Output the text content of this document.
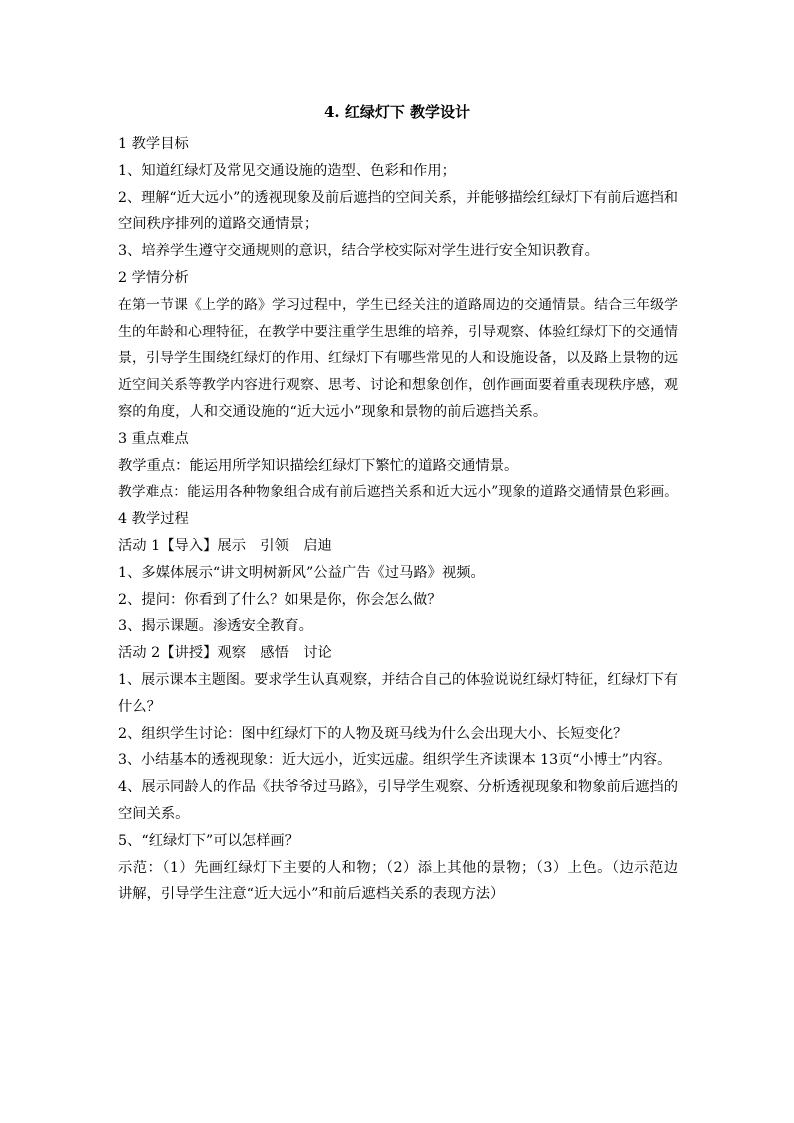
4. 红绿灯下 教学设计
1 教学目标
1、知道红绿灯及常见交通设施的造型、色彩和作用；
2、理解“近大远小”的透视现象及前后遮挡的空间关系，并能够描绘红绿灯下有前后遮挡和
空间秩序排列的道路交通情景；
3、培养学生遵守交通规则的意识，结合学校实际对学生进行安全知识教育。
2 学情分析
在第一节课《上学的路》学习过程中，学生已经关注的道路周边的交通情景。结合三年级学
生的年龄和心理特征，在教学中要注重学生思维的培养，引导观察、体验红绿灯下的交通情
景，引导学生围绕红绿灯的作用、红绿灯下有哪些常见的人和设施设备，以及路上景物的远
近空间关系等教学内容进行观察、思考、讨论和想象创作，创作画面要着重表现秩序感，观
察的角度，人和交通设施的“近大远小”现象和景物的前后遮挡关系。
3 重点难点
教学重点：能运用所学知识描绘红绿灯下繁忙的道路交通情景。
教学难点：能运用各种物象组合成有前后遮挡关系和近大远小”现象的道路交通情景色彩画。
4 教学过程
活动 1【导入】展示　引领　启迪
1、多媒体展示“讲文明树新风”公益广告《过马路》视频。
2、提问：你看到了什么？如果是你，你会怎么做？
3、揭示课题。渗透安全教育。
活动 2【讲授】观察　感悟　讨论
1、展示课本主题图。要求学生认真观察，并结合自己的体验说说红绿灯特征，红绿灯下有
什么？
2、组织学生讨论：图中红绿灯下的人物及斑马线为什么会出现大小、长短变化？
3、小结基本的透视现象：近大远小，近实远虚。组织学生齐读课本 13页“小博士”内容。
4、展示同龄人的作品《扶爷爷过马路》，引导学生观察、分析透视现象和物象前后遮挡的
空间关系。
5、“红绿灯下”可以怎样画？
示范：（1）先画红绿灯下主要的人和物；（2）添上其他的景物；（3）上色。（边示范边
讲解，引导学生注意“近大远小”和前后遮档关系的表现方法）
